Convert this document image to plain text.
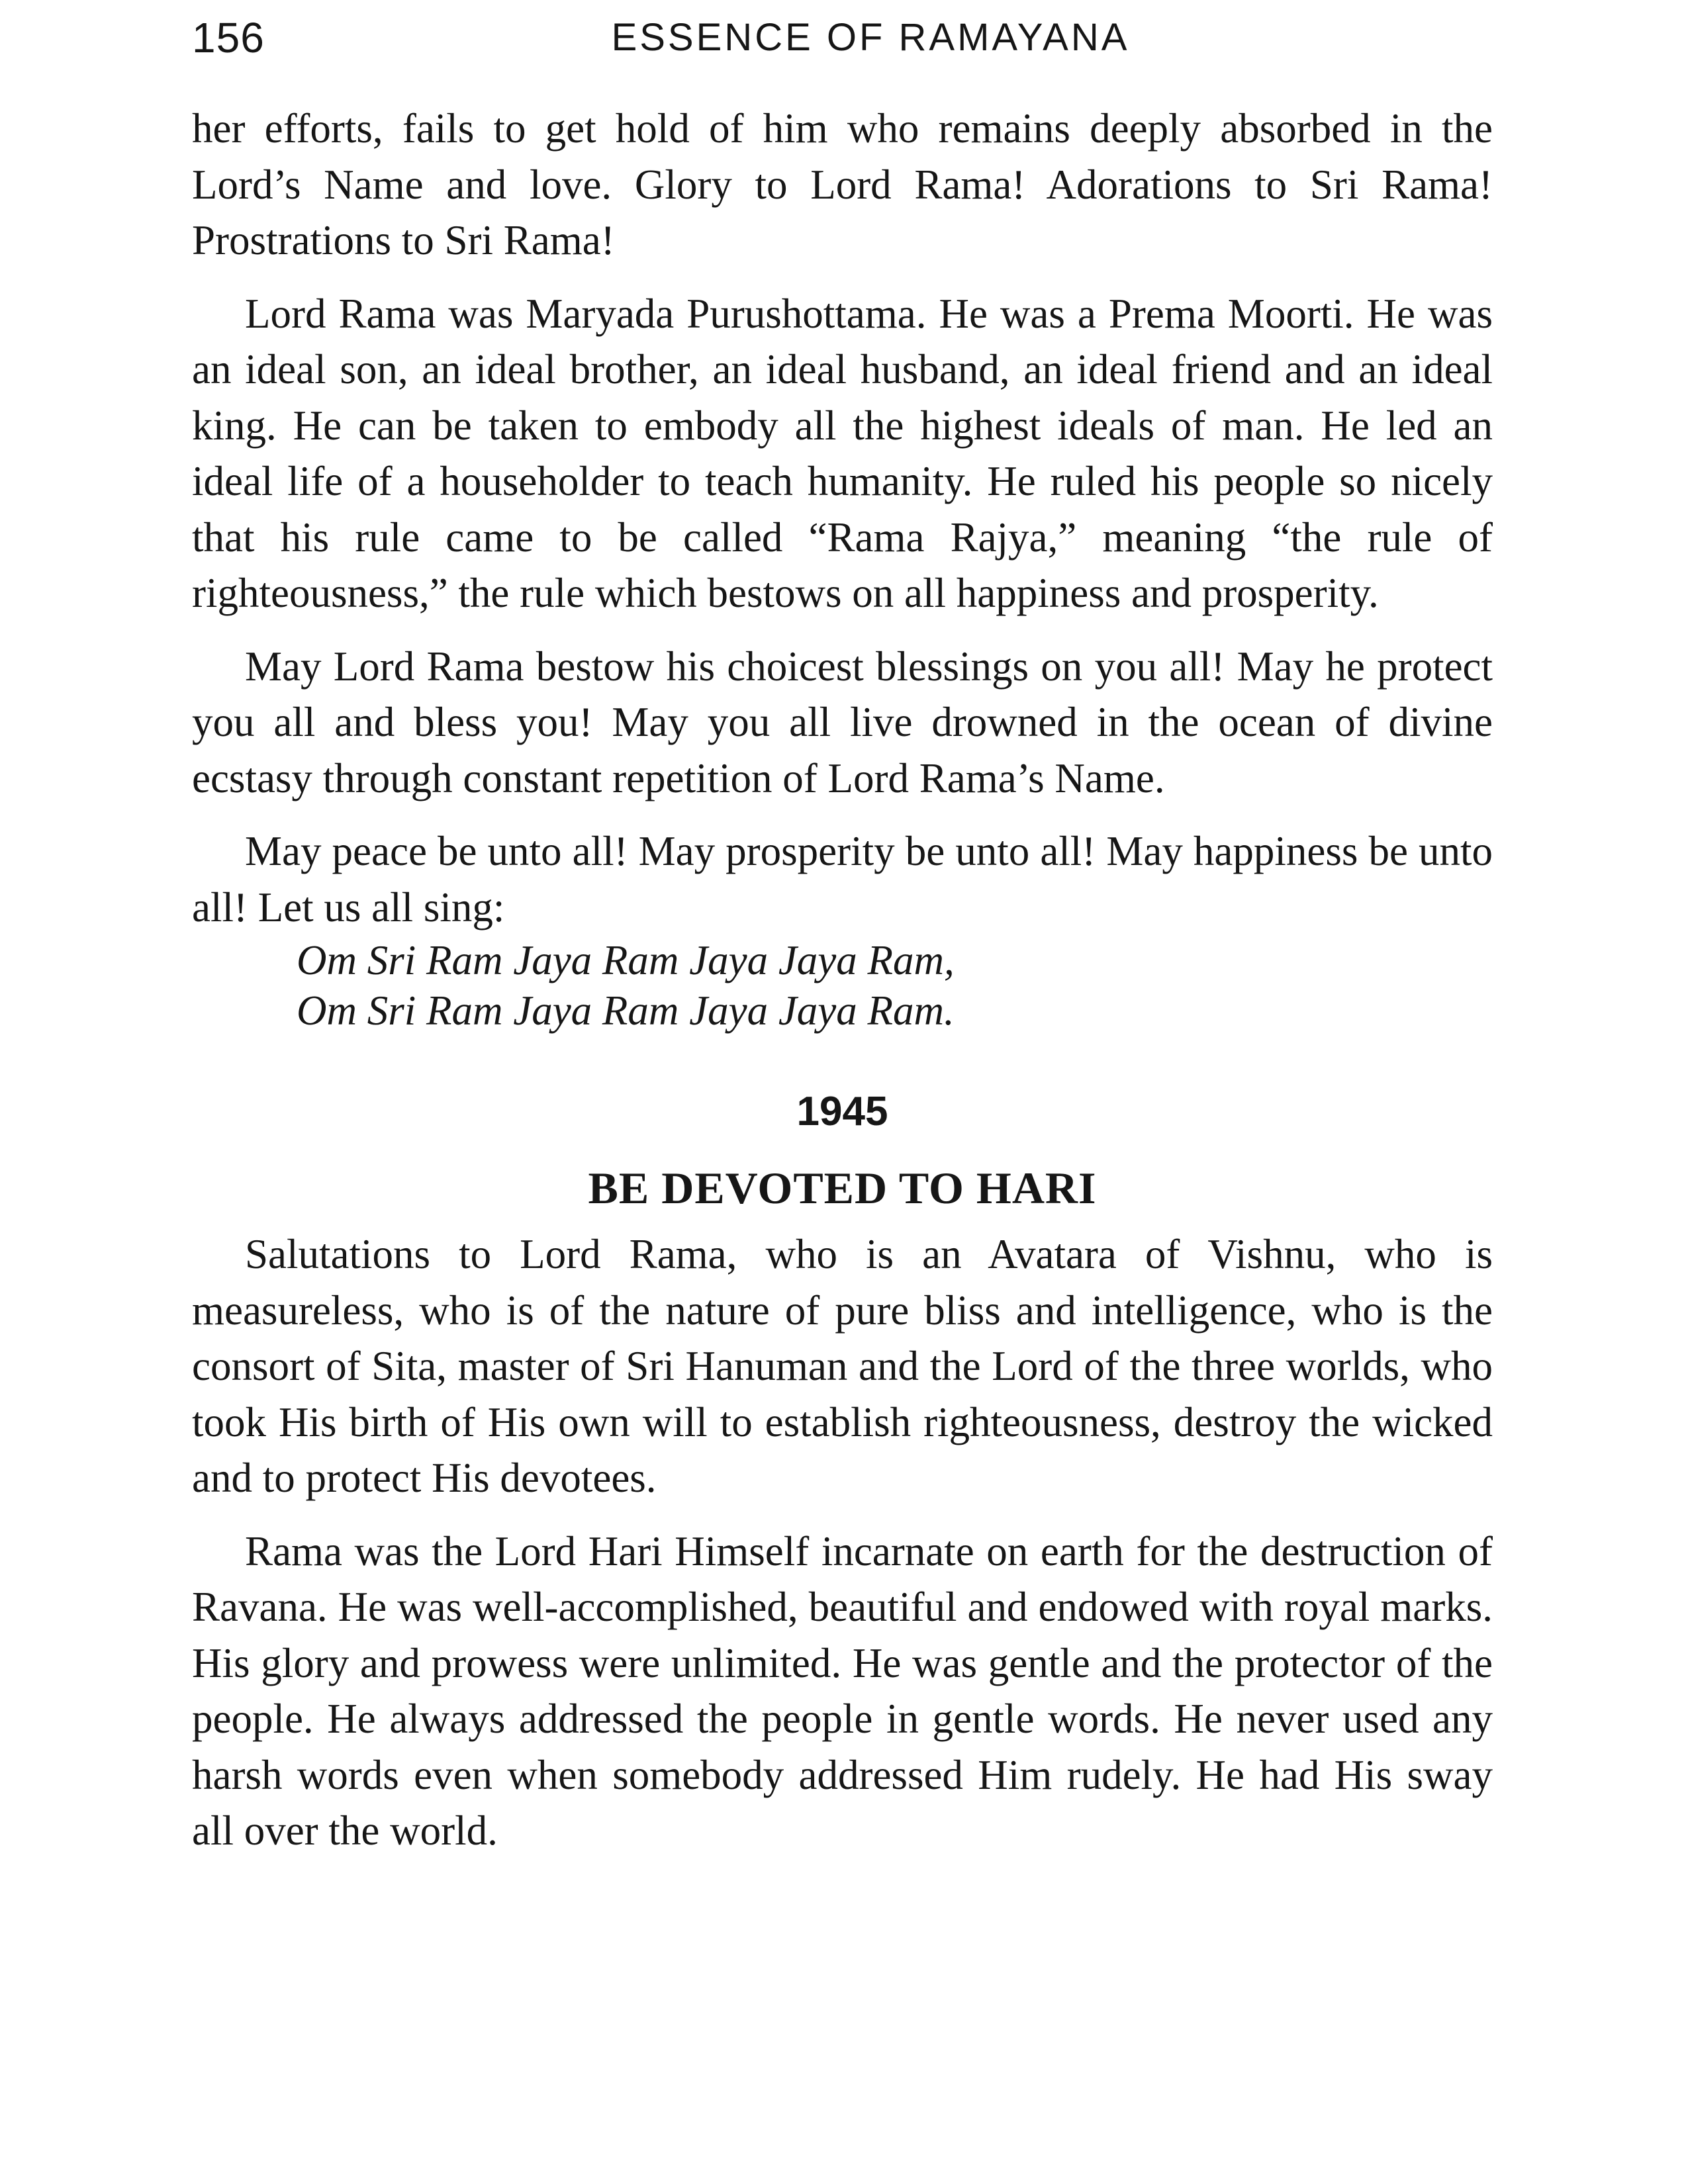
156	ESSENCE OF RAMAYANA

her efforts, fails to get hold of him who remains deeply absorbed in the Lord’s Name and love. Glory to Lord Rama! Adorations to Sri Rama! Prostrations to Sri Rama!

Lord Rama was Maryada Purushottama. He was a Prema Moorti. He was an ideal son, an ideal brother, an ideal husband, an ideal friend and an ideal king. He can be taken to embody all the highest ideals of man. He led an ideal life of a householder to teach humanity. He ruled his people so nicely that his rule came to be called “Rama Rajya,” meaning “the rule of righteousness,” the rule which bestows on all happiness and prosperity.

May Lord Rama bestow his choicest blessings on you all! May he protect you all and bless you! May you all live drowned in the ocean of divine ecstasy through constant repetition of Lord Rama’s Name.

May peace be unto all! May prosperity be unto all! May happiness be unto all! Let us all sing:

Om Sri Ram Jaya Ram Jaya Jaya Ram,
Om Sri Ram Jaya Ram Jaya Jaya Ram.
1945
BE DEVOTED TO HARI

Salutations to Lord Rama, who is an Avatara of Vishnu, who is measureless, who is of the nature of pure bliss and intelligence, who is the consort of Sita, master of Sri Hanuman and the Lord of the three worlds, who took His birth of His own will to establish righteousness, destroy the wicked and to protect His devotees.

Rama was the Lord Hari Himself incarnate on earth for the destruction of Ravana. He was well-accomplished, beautiful and endowed with royal marks. His glory and prowess were unlimited. He was gentle and the protector of the people. He always addressed the people in gentle words. He never used any harsh words even when somebody addressed Him rudely. He had His sway all over the world.
